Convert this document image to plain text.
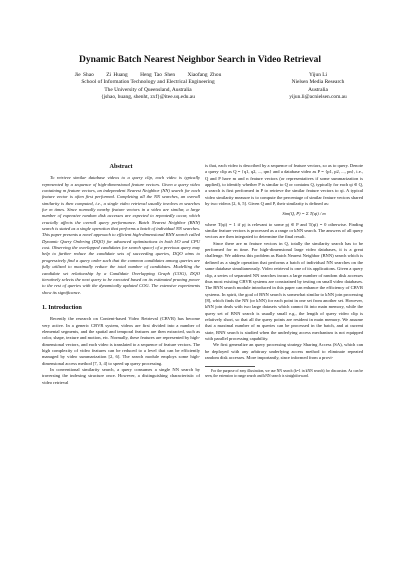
Dynamic Batch Nearest Neighbor Search in Video Retrieval
Jie Shao Zi Huang Heng Tao Shen Xiaofang Zhou
School of Information Technology and Electrical Engineering
The University of Queensland, Australia
{jshao, huang, shenht, zxf}@itee.uq.edu.au
Yijun Li
Nielsen Media Research
Australia
yijun.li@acnielsen.com.au
Abstract

To retrieve similar database videos to a query clip, each video is typically represented by a sequence of high-dimensional feature vectors. Given a query video containing m feature vectors, an independent Nearest Neighbor (NN) search for each feature vector is often first performed. Completing all the NN searches, an overall similarity is then computed, i.e., a single video retrieval usually involves m searches for m times. Since normally nearby feature vectors in a video are similar, a large number of expensive random disk accesses are expected to repeatedly occur, which crucially affects the overall query performance. Batch Nearest Neighbor (BNN) search is stated as a single operation that performs a batch of individual NN searches. This paper presents a novel approach to efficient high-dimensional BNN search called Dynamic Query Ordering (DQO) for advanced optimizations in both I/O and CPU cost. Observing the overlapped candidates (or search space) of a previous query may help to further reduce the candidate sets of succeeding queries, DQO aims to progressively find a query order such that the common candidates among queries are fully utilized to maximally reduce the total number of candidates. Modelling the candidate set relationship by a Candidate Overlapping Graph (COG), DQO iteratively selects the next query to be executed based on its estimated pruning power to the rest of queries with the dynamically updated COG. The extensive experiments show its significance.

1. Introduction

Recently the research on Content-based Video Retrieval (CBVR) has become very active. In a generic CBVR system, videos are first divided into a number of elemental segments, and the spatial and temporal features are then extracted, such as color, shape, texture and motion, etc. Normally, these features are represented by high-dimensional vectors, and each video is translated to a sequence of feature vectors. The high complexity of video features can be reduced to a level that can be efficiently managed by video summarization [2, 6]. The search module employs some high-dimensional access method [7, 3, 4] to speed up query processing.

In conventional similarity search, a query consumes a single NN search by traversing the indexing structure once. However, a distinguishing characteristic of video retrieval

is that, each video is described by a sequence of feature vectors, so as to query. Denote a query clip as Q = {q1, q2, ..., qm} and a database video as P = {p1, p2, ..., pn}, i.e., Q and P have m and n feature vectors (or representatives if some summarization is applied), to identify whether P is similar to Q or contains Q, typically for each qi ∈ Q, a search is first performed in P to retrieve the similar feature vectors to qi. A typical video similarity measure is to compute the percentage of similar feature vectors shared by two videos [2, 6, 5]. Given Q and P, their similarity is defined as:

Sim(Q, P) = Σ T(qi) / m

where T(qi) = 1 if pj is relevant to some pj ∈ P and T(qi) = 0 otherwise. Finding similar feature vectors is processed as a range or kNN search. The answers of all query vectors are then integrated to determine the final result.

Since there are m feature vectors in Q, totally the similarity search has to be performed for m time. For high-dimensional large video databases, it is a great challenge. We address this problem as Batch Nearest Neighbor (BNN) search which is defined as a single operation that performs a batch of individual NN searches on the same database simultaneously. Video retrieval is one of its applications. Given a query clip, a series of separated NN searches incurs a large number of random disk accesses thus most existing CBVR systems are constrained by testing on small video databases. The BNN search module introduced in this paper can enhance the efficiency of CBVR systems. In spirit, the goal of BNN search is somewhat similar to kNN join processing [8], which finds the NN (or kNN) for each point in one set from another set. However, kNN join deals with two large datasets which cannot fit into main memory, while the query set of BNN search is usually small e.g., the length of query video clip is relatively short, so that all the query points are resident in main memory. We assume that a maximal number of m queries can be processed in the batch, and at current state, BNN search is studied when the underlying access mechanism is not equipped with parallel processing capability.

We first generalize an query processing strategy Sharing Access (SA), which can be deployed with any arbitrary underlying access method to eliminate repeated random disk accesses. More importantly, since informed from a provi-

For the purpose of easy illustration, we use NN search (k=1 in kNN search) for discussion. As can be seen, the extension to range search and kNN search is straightforward.
